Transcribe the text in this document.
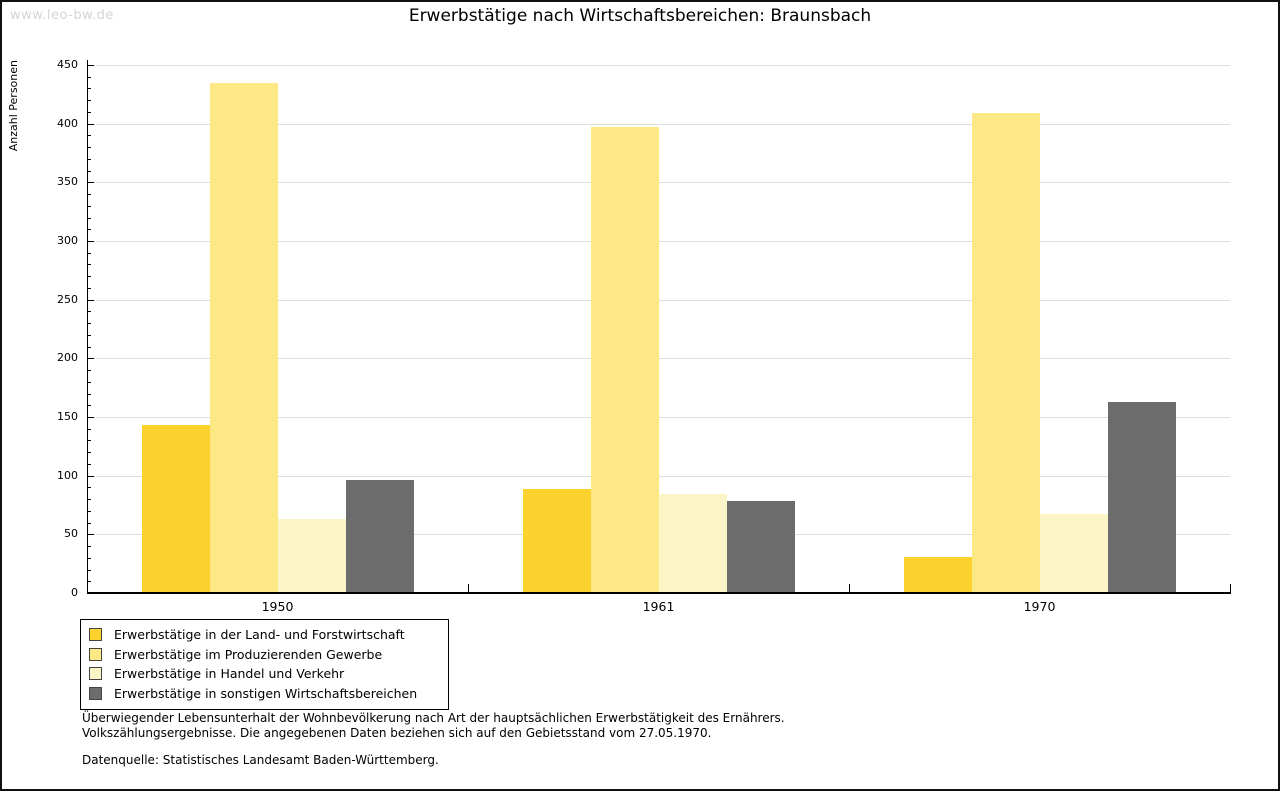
www.leo-bw.de	Erwerbstätige nach Wirtschaftsbereichen: Braunsbach
Anzahl Personen
0
50
100
150
200
250
300
350
400
450
1950	1961	1970
Erwerbstätige in der Land- und Forstwirtschaft
Erwerbstätige im Produzierenden Gewerbe
Erwerbstätige in Handel und Verkehr
Erwerbstätige in sonstigen Wirtschaftsbereichen
Überwiegender Lebensunterhalt der Wohnbevölkerung nach Art der hauptsächlichen Erwerbstätigkeit des Ernährers.
Volkszählungsergebnisse. Die angegebenen Daten beziehen sich auf den Gebietsstand vom 27.05.1970.
Datenquelle: Statistisches Landesamt Baden-Württemberg.
